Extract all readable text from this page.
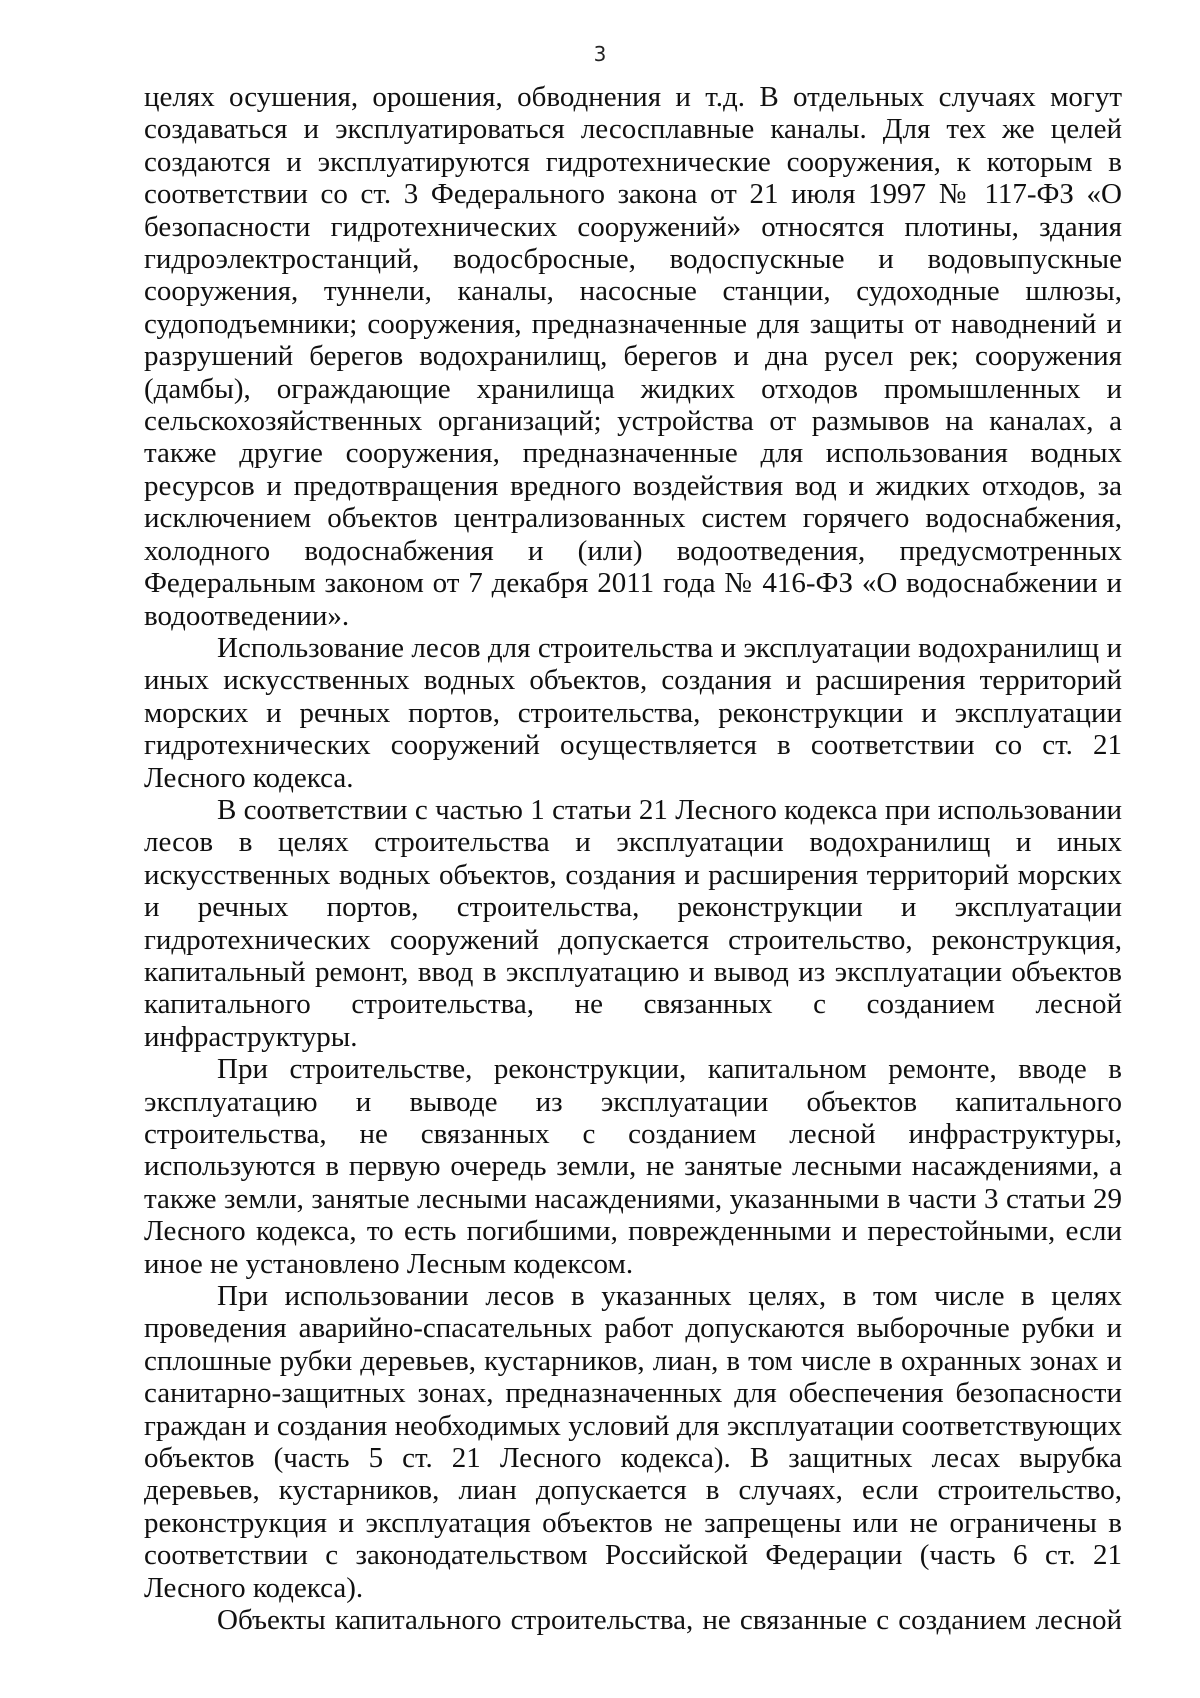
3

целях осушения, орошения, обводнения и т.д. В отдельных случаях могут создаваться и эксплуатироваться лесосплавные каналы. Для тех же целей создаются и эксплуатируются гидротехнические сооружения, к которым в соответствии со ст. 3 Федерального закона от 21 июля 1997 № 117-ФЗ «О безопасности гидротехнических сооружений» относятся плотины, здания гидроэлектростанций, водосбросные, водоспускные и водовыпускные сооружения, туннели, каналы, насосные станции, судоходные шлюзы, судоподъемники; сооружения, предназначенные для защиты от наводнений и разрушений берегов водохранилищ, берегов и дна русел рек; сооружения (дамбы), ограждающие хранилища жидких отходов промышленных и сельскохозяйственных организаций; устройства от размывов на каналах, а также другие сооружения, предназначенные для использования водных ресурсов и предотвращения вредного воздействия вод и жидких отходов, за исключением объектов централизованных систем горячего водоснабжения, холодного водоснабжения и (или) водоотведения, предусмотренных Федеральным законом от 7 декабря 2011 года № 416-ФЗ «О водоснабжении и водоотведении».

Использование лесов для строительства и эксплуатации водохранилищ и иных искусственных водных объектов, создания и расширения территорий морских и речных портов, строительства, реконструкции и эксплуатации гидротехнических сооружений осуществляется в соответствии со ст. 21 Лесного кодекса.

В соответствии с частью 1 статьи 21 Лесного кодекса при использовании лесов в целях строительства и эксплуатации водохранилищ и иных искусственных водных объектов, создания и расширения территорий морских и речных портов, строительства, реконструкции и эксплуатации гидротехнических сооружений допускается строительство, реконструкция, капитальный ремонт, ввод в эксплуатацию и вывод из эксплуатации объектов капитального строительства, не связанных с созданием лесной инфраструктуры.

При строительстве, реконструкции, капитальном ремонте, вводе в эксплуатацию и выводе из эксплуатации объектов капитального строительства, не связанных с созданием лесной инфраструктуры, используются в первую очередь земли, не занятые лесными насаждениями, а также земли, занятые лесными насаждениями, указанными в части 3 статьи 29 Лесного кодекса, то есть погибшими, поврежденными и перестойными, если иное не установлено Лесным кодексом.

При использовании лесов в указанных целях, в том числе в целях проведения аварийно-спасательных работ допускаются выборочные рубки и сплошные рубки деревьев, кустарников, лиан, в том числе в охранных зонах и санитарно-защитных зонах, предназначенных для обеспечения безопасности граждан и создания необходимых условий для эксплуатации соответствующих объектов (часть 5 ст. 21 Лесного кодекса). В защитных лесах вырубка деревьев, кустарников, лиан допускается в случаях, если строительство, реконструкция и эксплуатация объектов не запрещены или не ограничены в соответствии с законодательством Российской Федерации (часть 6 ст. 21 Лесного кодекса).

Объекты капитального строительства, не связанные с созданием лесной
